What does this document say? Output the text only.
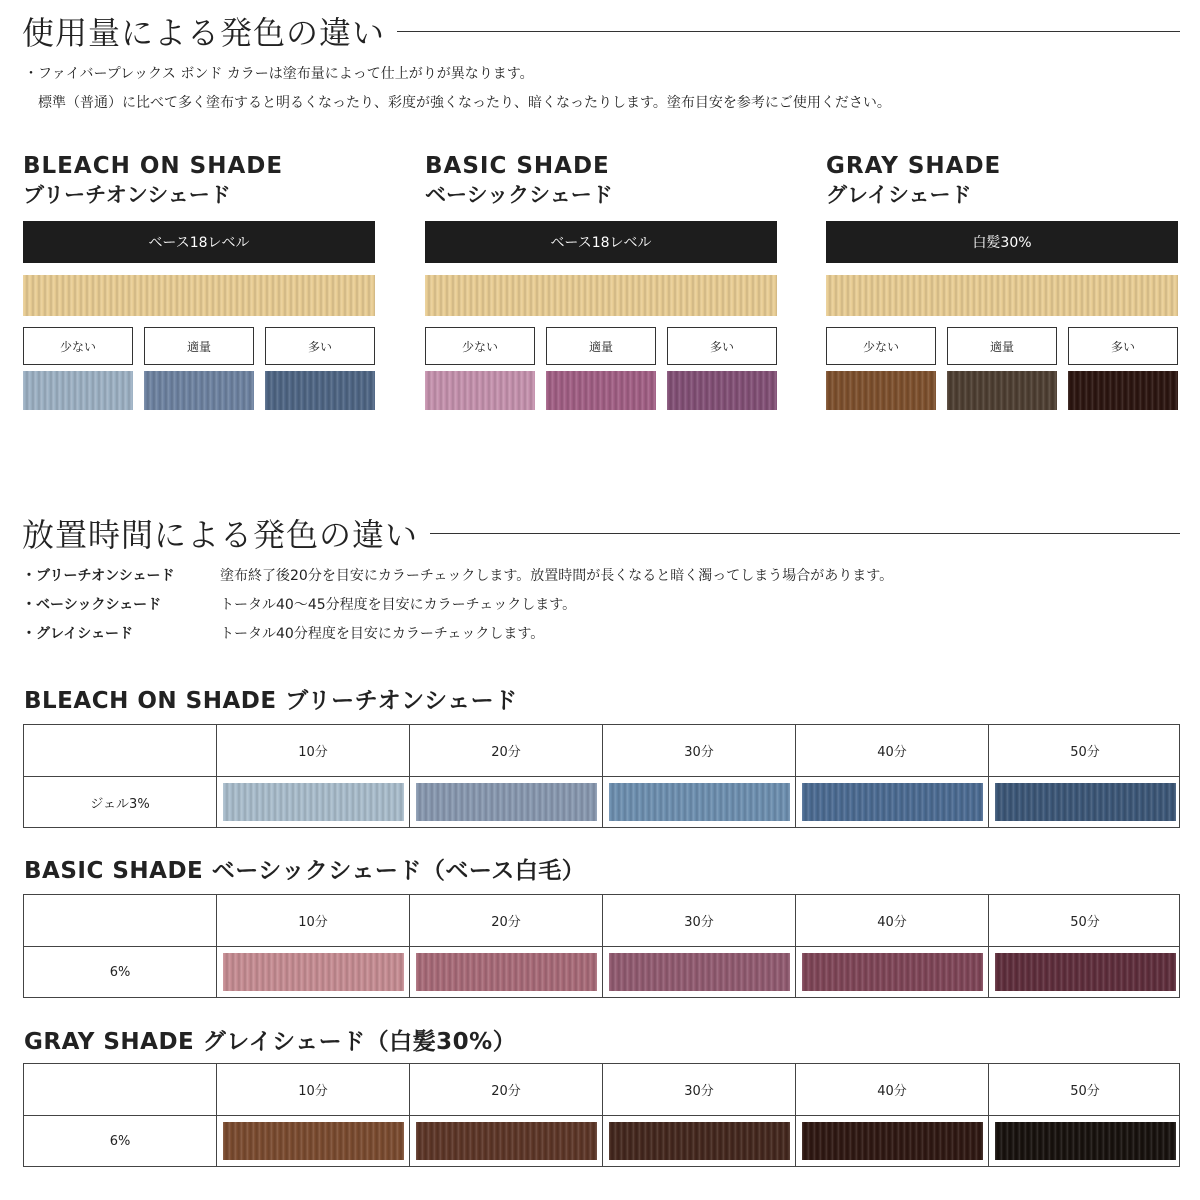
使用量による発色の違い
・ファイバープレックス ボンド カラーは塗布量によって仕上がりが異なります。
　標準（普通）に比べて多く塗布すると明るくなったり、彩度が強くなったり、暗くなったりします。塗布目安を参考にご使用ください。
BLEACH ON SHADE
ブリーチオンシェード
ベース18レベル
少ない	適量	多い
BASIC SHADE
ベーシックシェード
ベース18レベル
少ない	適量	多い
GRAY SHADE
グレイシェード
白髪30%
少ない	適量	多い
放置時間による発色の違い
・ブリーチオンシェード	塗布終了後20分を目安にカラーチェックします。放置時間が長くなると暗く濁ってしまう場合があります。
・ベーシックシェード	トータル40～45分程度を目安にカラーチェックします。
・グレイシェード	トータル40分程度を目安にカラーチェックします。
BLEACH ON SHADE ブリーチオンシェード
10分	20分	30分	40分	50分
ジェル3%
BASIC SHADE ベーシックシェード（ベース白毛）
10分	20分	30分	40分	50分
6%
GRAY SHADE グレイシェード（白髪30%）
10分	20分	30分	40分	50分
6%
